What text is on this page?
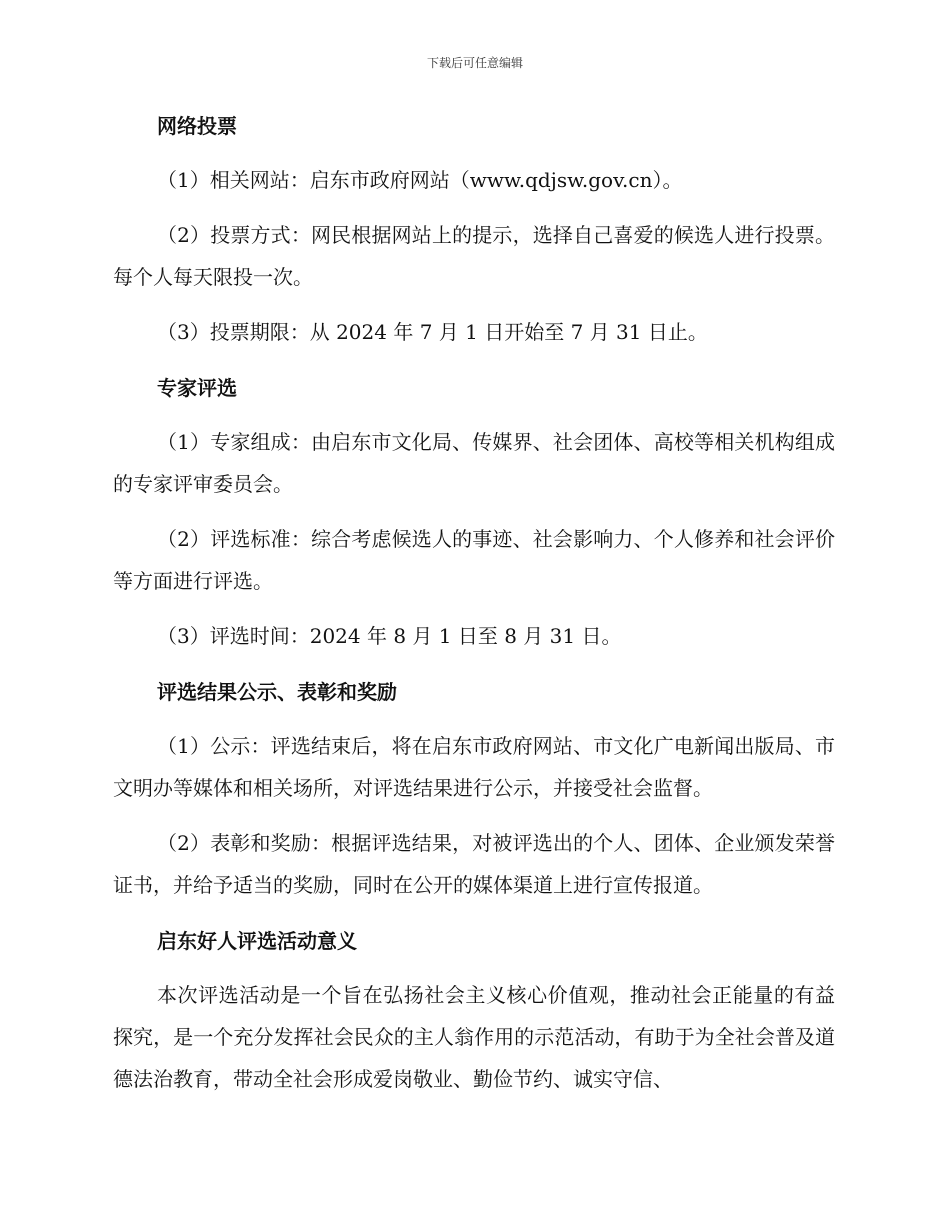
下载后可任意编辑
网络投票

（1）相关网站：启东市政府网站（www.qdjsw.gov.cn）。

（2）投票方式：网民根据网站上的提示，选择自己喜爱的候选人进行投票。每个人每天限投一次。

（3）投票期限：从 2024 年 7 月 1 日开始至 7 月 31 日止。

专家评选

（1）专家组成：由启东市文化局、传媒界、社会团体、高校等相关机构组成的专家评审委员会。

（2）评选标准：综合考虑候选人的事迹、社会影响力、个人修养和社会评价等方面进行评选。

（3）评选时间：2024 年 8 月 1 日至 8 月 31 日。

评选结果公示、表彰和奖励

（1）公示：评选结束后，将在启东市政府网站、市文化广电新闻出版局、市文明办等媒体和相关场所，对评选结果进行公示，并接受社会监督。

（2）表彰和奖励：根据评选结果，对被评选出的个人、团体、企业颁发荣誉证书，并给予适当的奖励，同时在公开的媒体渠道上进行宣传报道。

启东好人评选活动意义

本次评选活动是一个旨在弘扬社会主义核心价值观，推动社会正能量的有益探究，是一个充分发挥社会民众的主人翁作用的示范活动，有助于为全社会普及道德法治教育，带动全社会形成爱岗敬业、勤俭节约、诚实守信、
